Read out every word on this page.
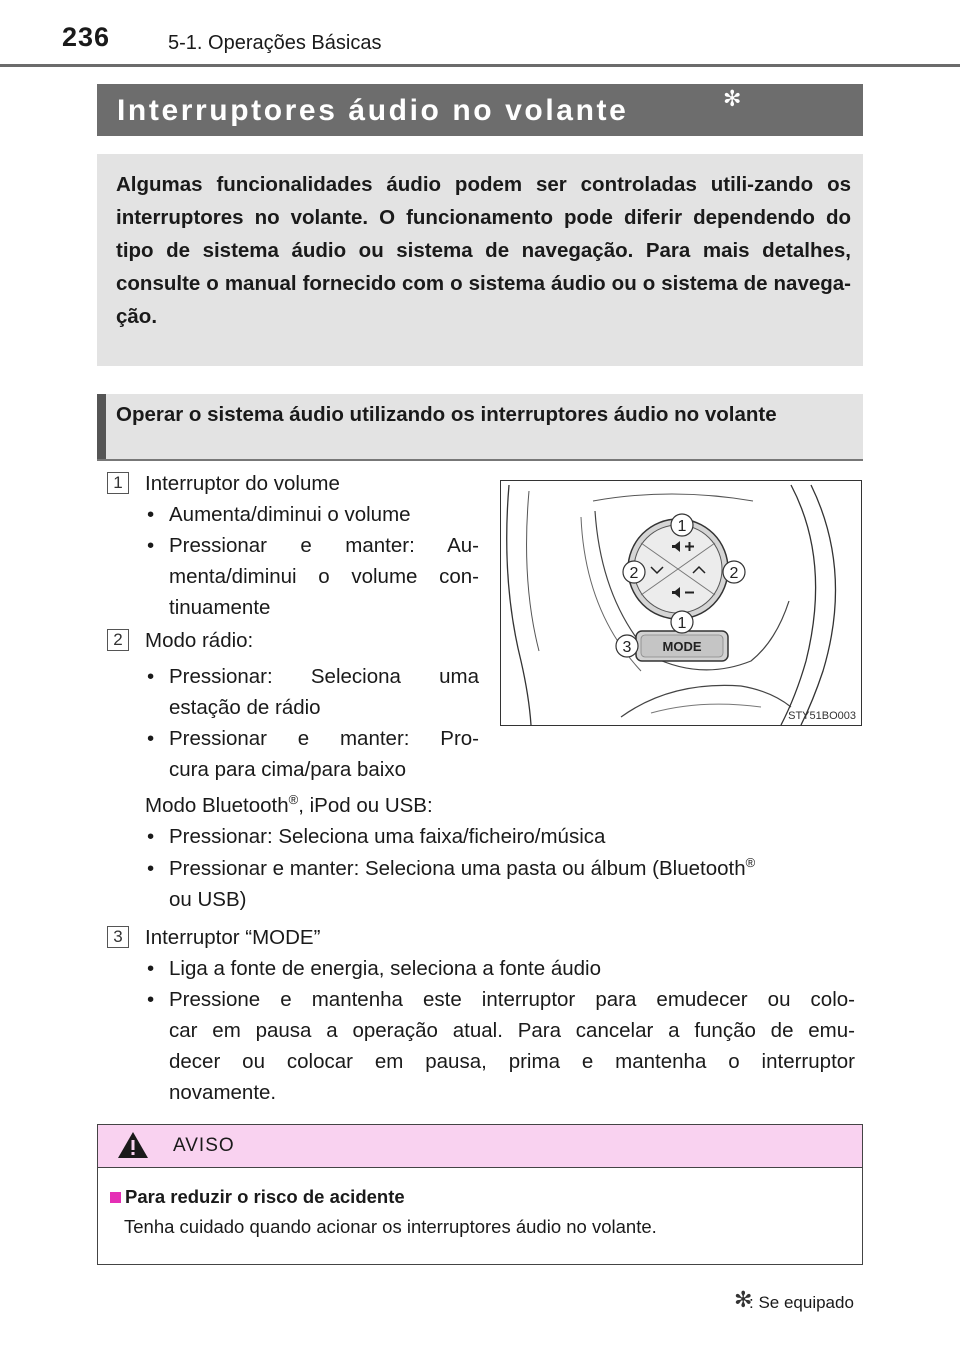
236	5-1. Operações Básicas
Interruptores áudio no volante	✻

Algumas funcionalidades áudio podem ser controladas utili-zando os interruptores no volante. O funcionamento pode diferir dependendo do tipo de sistema áudio ou sistema de navegação. Para mais detalhes, consulte o manual fornecido com o sistema áudio ou o sistema de navega-ção.

Operar o sistema áudio utilizando os interruptores áudio no volante

1	Interruptor do volume
• Aumenta/diminui o volume
• Pressionar e manter: Au-
menta/diminui o volume con-
tinuamente
2	Modo rádio:
• Pressionar: Seleciona uma
estação de rádio
• Pressionar e manter: Pro-
cura para cima/para baixo
Modo Bluetooth®, iPod ou USB:
• Pressionar: Seleciona uma faixa/ficheiro/música
• Pressionar e manter: Seleciona uma pasta ou álbum (Bluetooth®
ou USB)
3	Interruptor “MODE”
• Liga a fonte de energia, seleciona a fonte áudio
• Pressione e mantenha este interruptor para emudecer ou colo-
car em pausa a operação atual. Para cancelar a função de emu-
decer ou colocar em pausa, prima e mantenha o interruptor
novamente.
MODE
1
2	2
1
3
STY51BO003
AVISO
Para reduzir o risco de acidente
Tenha cuidado quando acionar os interruptores áudio no volante.
✻
: Se equipado
